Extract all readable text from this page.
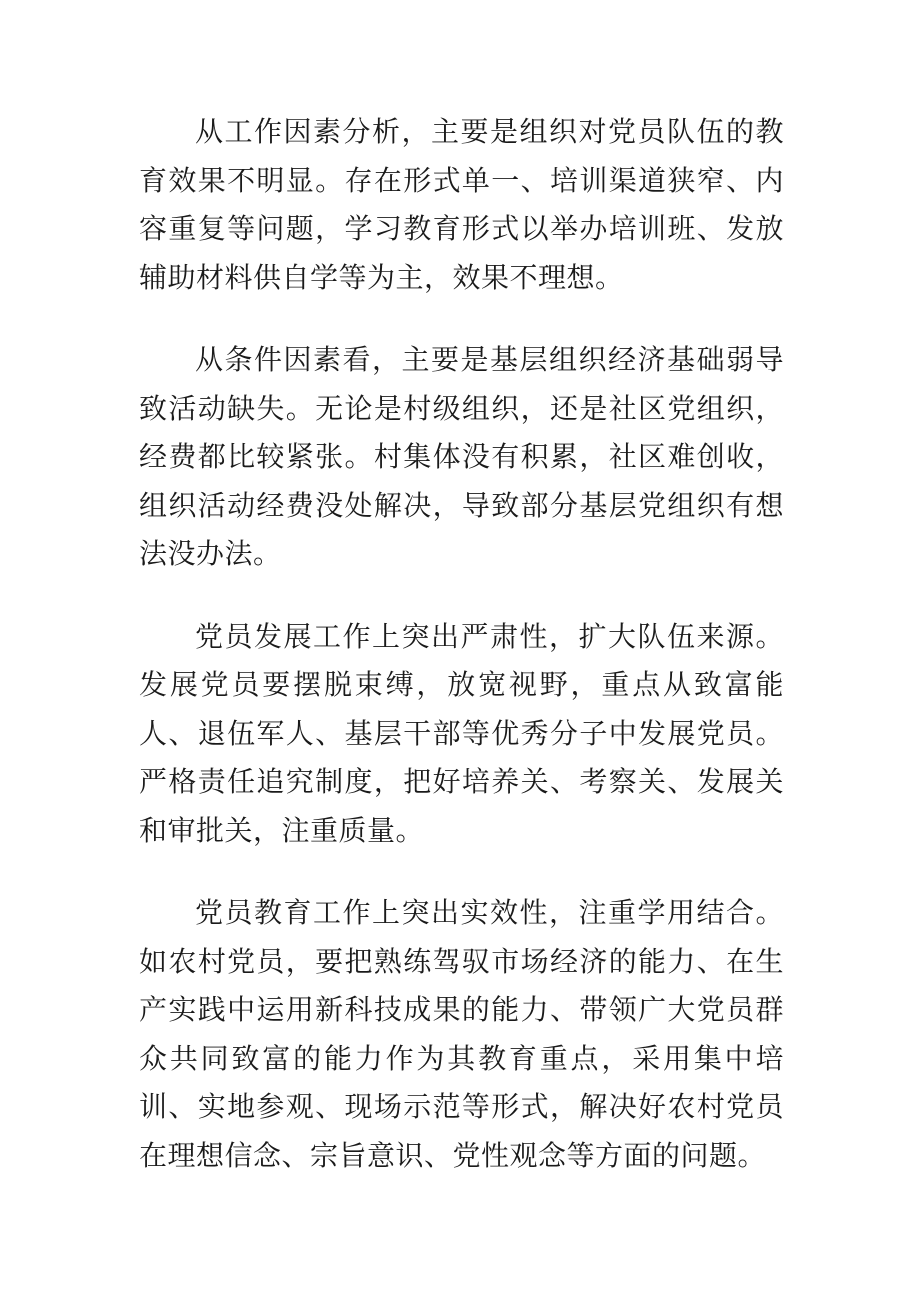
从工作因素分析，主要是组织对党员队伍的教育效果不明显。存在形式单一、培训渠道狭窄、内容重复等问题，学习教育形式以举办培训班、发放辅助材料供自学等为主，效果不理想。

从条件因素看，主要是基层组织经济基础弱导致活动缺失。无论是村级组织，还是社区党组织，经费都比较紧张。村集体没有积累，社区难创收，组织活动经费没处解决，导致部分基层党组织有想法没办法。

党员发展工作上突出严肃性，扩大队伍来源。发展党员要摆脱束缚，放宽视野，重点从致富能人、退伍军人、基层干部等优秀分子中发展党员。严格责任追究制度，把好培养关、考察关、发展关和审批关，注重质量。

党员教育工作上突出实效性，注重学用结合。如农村党员，要把熟练驾驭市场经济的能力、在生产实践中运用新科技成果的能力、带领广大党员群众共同致富的能力作为其教育重点，采用集中培训、实地参观、现场示范等形式，解决好农村党员在理想信念、宗旨意识、党性观念等方面的问题。
